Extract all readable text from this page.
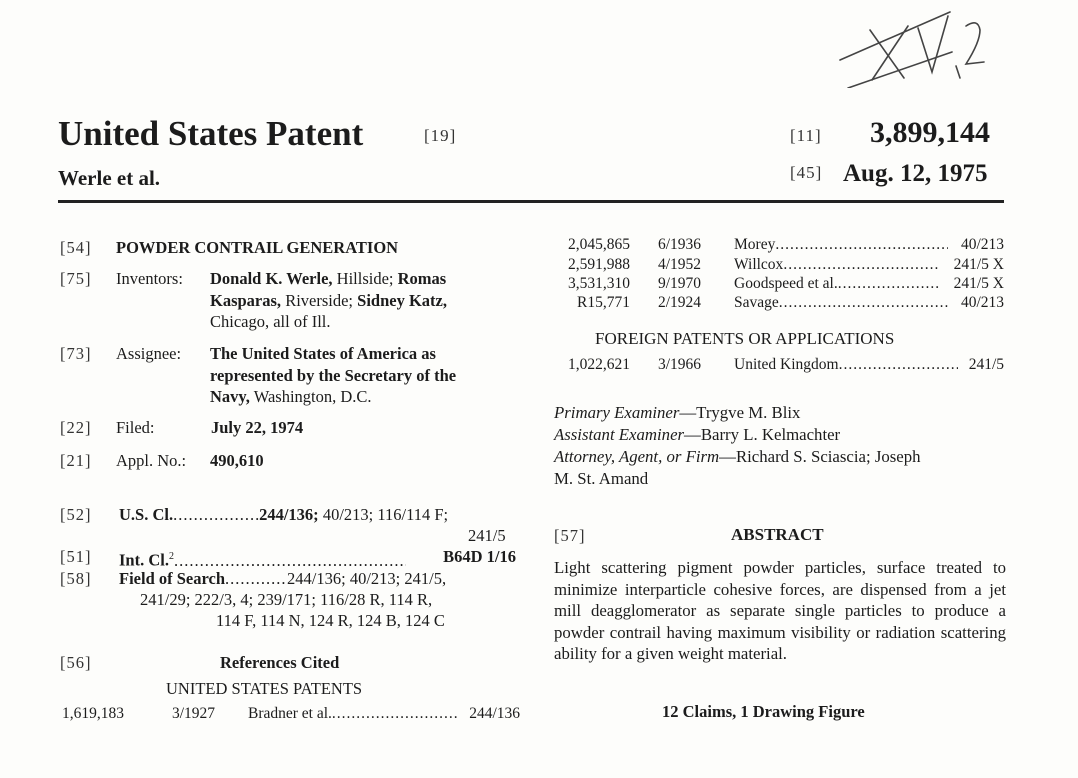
United States Patent	[19]
Werle et al.
[11] 3,899,144
[45] Aug. 12, 1975
[54] POWDER CONTRAIL GENERATION
[75] Inventors: Donald K. Werle, Hillside; Romas
Kasparas, Riverside; Sidney Katz,
Chicago, all of Ill.
[73] Assignee: The United States of America as
represented by the Secretary of the
Navy, Washington, D.C.
[22] Filed:	July 22, 1974
[21] Appl. No.: 490,610
[52] U.S. Cl. .....	244/136; 40/213; 116/114 F;
241/5
[51] Int. Cl.$^2$ .....	B64D 1/16
[58] Field of Search .....	244/136; 40/213; 241/5,
241/29; 222/3, 4; 239/171; 116/28 R, 114 R,
114 F, 114 N, 124 R, 124 B, 124 C
[56]	References Cited
UNITED STATES PATENTS
1,619,183	3/1927 Bradner et al. .....	244/136
2,045,865 6/1936 Morey .....	40/213
2,591,988 4/1952 Willcox .....	241/5 X
3,531,310 9/1970 Goodspeed et al. .....	241/5 X
R15,771 2/1924 Savage .....	40/213
FOREIGN PATENTS OR APPLICATIONS
1,022,621 3/1966 United Kingdom .....	241/5
Primary Examiner—Trygve M. Blix
Assistant Examiner—Barry L. Kelmachter
Attorney, Agent, or Firm—Richard S. Sciascia; Joseph
M. St. Amand
[57]	ABSTRACT
Light scattering pigment powder particles, surface treated to minimize interparticle cohesive forces, are dispensed from a jet mill deagglomerator as separate single particles to produce a powder contrail having maximum visibility or radiation scattering ability for a given weight material.
12 Claims, 1 Drawing Figure
